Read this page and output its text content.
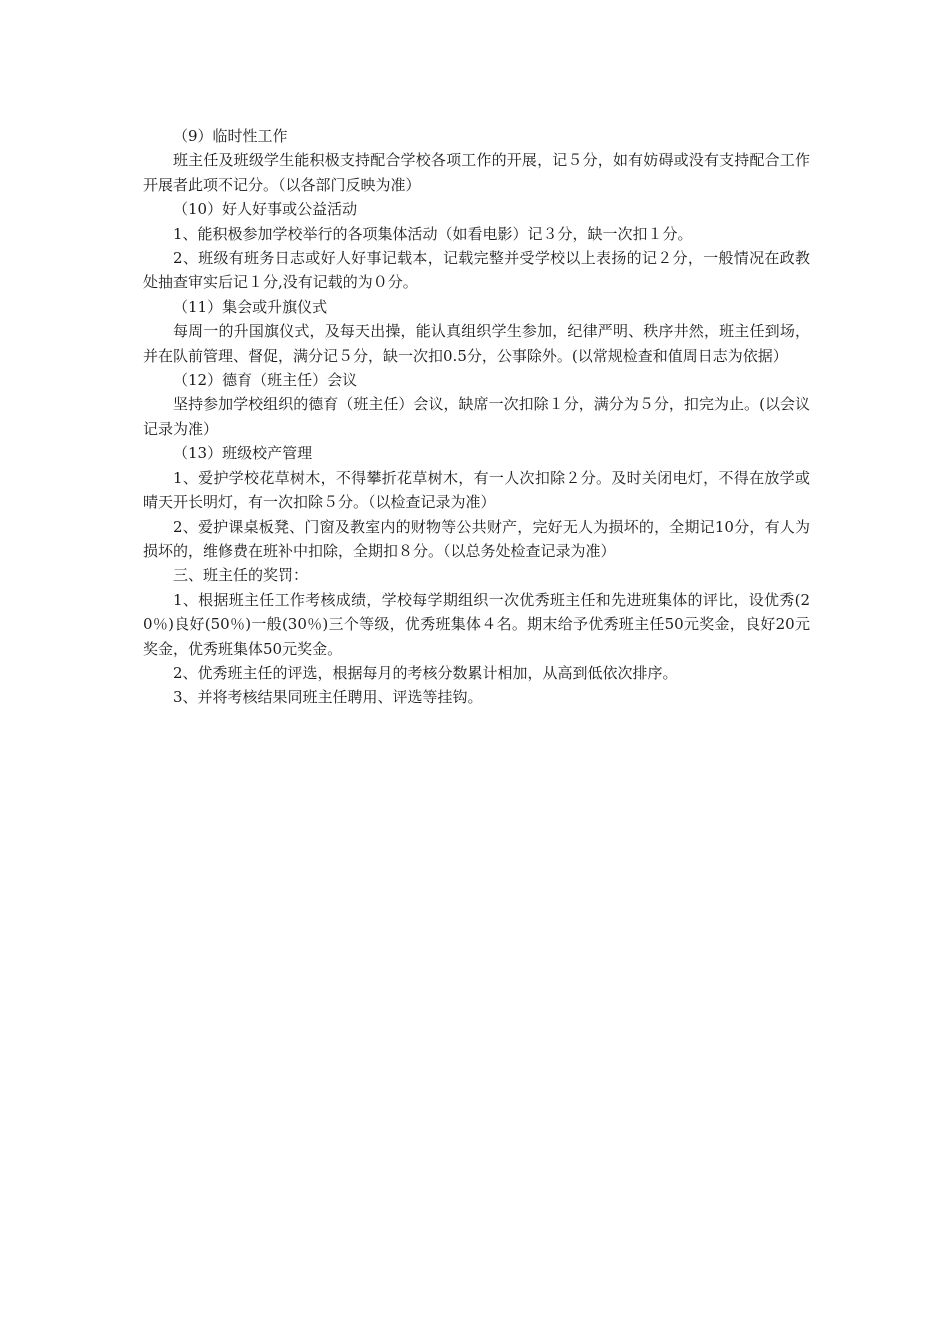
（9）临时性工作

班主任及班级学生能积极支持配合学校各项工作的开展，记５分，如有妨碍或没有支持配合工作开展者此项不记分。（以各部门反映为准）

（10）好人好事或公益活动

1、能积极参加学校举行的各项集体活动（如看电影）记３分，缺一次扣１分。

2、班级有班务日志或好人好事记载本，记载完整并受学校以上表扬的记２分，一般情况在政教处抽查审实后记１分,没有记载的为０分。

（11）集会或升旗仪式

每周一的升国旗仪式，及每天出操，能认真组织学生参加，纪律严明、秩序井然，班主任到场，并在队前管理、督促，满分记５分，缺一次扣0.5分，公事除外。(以常规检查和值周日志为依据）

（12）德育（班主任）会议

坚持参加学校组织的德育（班主任）会议，缺席一次扣除１分，满分为５分，扣完为止。(以会议记录为准）

（13）班级校产管理

1、爱护学校花草树木，不得攀折花草树木，有一人次扣除２分。及时关闭电灯，不得在放学或晴天开长明灯，有一次扣除５分。（以检查记录为准）

2、爱护课桌板凳、门窗及教室内的财物等公共财产，完好无人为损坏的，全期记10分，有人为损坏的，维修费在班补中扣除，全期扣８分。（以总务处检查记录为准）

三、班主任的奖罚：

1、根据班主任工作考核成绩，学校每学期组织一次优秀班主任和先进班集体的评比，设优秀(20％)良好(50％)一般(30％)三个等级，优秀班集体４名。期末给予优秀班主任50元奖金，良好20元奖金，优秀班集体50元奖金。

2、优秀班主任的评选，根据每月的考核分数累计相加，从高到低依次排序。

3、并将考核结果同班主任聘用、评选等挂钩。
